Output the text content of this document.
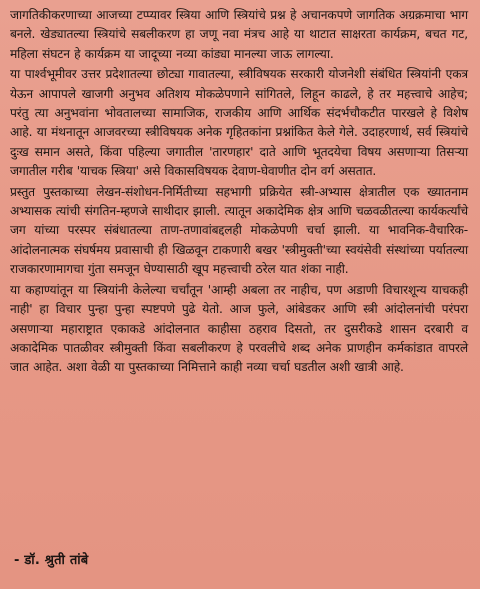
जागतिकीकरणाच्या आजच्या टप्प्यावर स्त्रिया आणि स्त्रियांचे प्रश्न हे अचानकपणे जागतिक अग्रक्रमाचा भाग बनले. खेड्यातल्या स्त्रियांचे सबलीकरण हा जणू नवा मंत्रच आहे या थाटात साक्षरता कार्यक्रम, बचत गट, महिला संघटन हे कार्यक्रम या जादूच्या नव्या कांड्या मानल्या जाऊ लागल्या.

या पार्श्वभूमीवर उत्तर प्रदेशातल्या छोट्या गावातल्या, स्त्रीविषयक सरकारी योजनेशी संबंधित स्त्रियांनी एकत्र येऊन आपापले खाजगी अनुभव अतिशय मोकळेपणाने सांगितले, लिहून काढले, हे तर महत्त्वाचे आहेच; परंतु त्या अनुभवांना भोवतालच्या सामाजिक, राजकीय आणि आर्थिक संदर्भचौकटीत पारखले हे विशेष आहे. या मंथनातून आजवरच्या स्त्रीविषयक अनेक गृहितकांना प्रश्नांकित केले गेले. उदाहरणार्थ, सर्व स्त्रियांचे दुःख समान असते, किंवा पहिल्या जगातील 'तारणहार' दाते आणि भूतदयेचा विषय असणाऱ्या तिसऱ्या जगातील गरीब 'याचक स्त्रिया' असे विकासविषयक देवाण-घेवाणीत दोन वर्ग असतात.

प्रस्तुत पुस्तकाच्या लेखन-संशोधन-निर्मितीच्या सहभागी प्रक्रियेत स्त्री-अभ्यास क्षेत्रातील एक ख्यातनाम अभ्यासक त्यांची संगतिन-म्हणजे साथीदार झाली. त्यातून अकादेमिक क्षेत्र आणि चळवळीतल्या कार्यकर्त्यांचे जग यांच्या परस्पर संबंधातल्या ताण-तणावांबद्दलही मोकळेपणी चर्चा झाली. या भावनिक-वैचारिक-आंदोलनात्मक संघर्षमय प्रवासाची ही खिळवून टाकणारी बखर 'स्त्रीमुक्ती'च्या स्वयंसेवी संस्थांच्या पर्यातल्या राजकारणामागचा गुंता समजून घेण्यासाठी खूप महत्त्वाची ठरेल यात शंका नाही.

या कहाण्यांतून या स्त्रियांनी केलेल्या चर्चांतून 'आम्ही अबला तर नाहीच, पण अडाणी विचारशून्य याचकही नाही' हा विचार पुन्हा पुन्हा स्पष्टपणे पुढे येतो. आज फुले, आंबेडकर आणि स्त्री आंदोलनांची परंपरा असणाऱ्या महाराष्ट्रात एकाकडे आंदोलनात काहीसा ठहराव दिसतो, तर दुसरीकडे शासन दरबारी व अकादेमिक पातळीवर स्त्रीमुक्ती किंवा सबलीकरण हे परवलीचे शब्द अनेक प्राणहीन कर्मकांडात वापरले जात आहेत. अशा वेळी या पुस्तकाच्या निमित्ताने काही नव्या चर्चा घडतील अशी खात्री आहे.

- डॉ. श्रुती तांबे
